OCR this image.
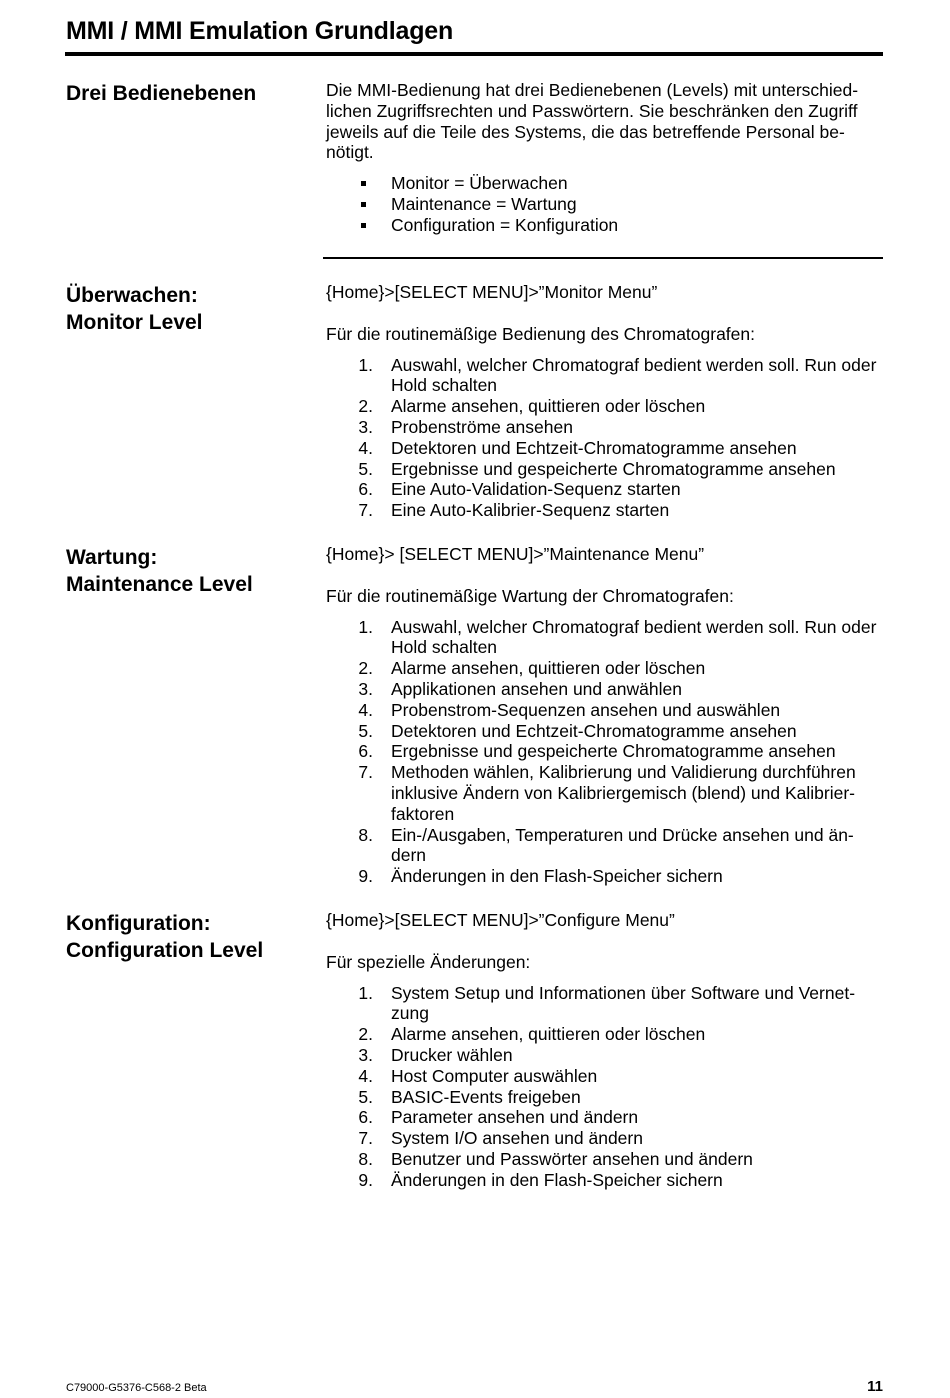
MMI / MMI Emulation Grundlagen
Drei Bedienebenen	Die MMI-Bedienung hat drei Bedienebenen (Levels) mit unterschied-lichen Zugriffsrechten und Passwörtern. Sie beschränken den Zugriff jeweils auf die Teile des Systems, die das betreffende Personal be-nötigt.

Monitor = Überwachen
Maintenance = Wartung
Configuration = Konfiguration
Überwachen:
Monitor Level

{Home}>[SELECT MENU]>”Monitor Menu”

Für die routinemäßige Bedienung des Chromatografen:

1. Auswahl, welcher Chromatograf bedient werden soll. Run oder Hold schalten
2. Alarme ansehen, quittieren oder löschen
3. Probenströme ansehen
4. Detektoren und Echtzeit-Chromatogramme ansehen
5. Ergebnisse und gespeicherte Chromatogramme ansehen
6. Eine Auto-Validation-Sequenz starten
7. Eine Auto-Kalibrier-Sequenz starten
Wartung:
Maintenance Level

{Home}> [SELECT MENU]>”Maintenance Menu”

Für die routinemäßige Wartung der Chromatografen:

1. Auswahl, welcher Chromatograf bedient werden soll. Run oder Hold schalten
2. Alarme ansehen, quittieren oder löschen
3. Applikationen ansehen und anwählen
4. Probenstrom-Sequenzen ansehen und auswählen
5. Detektoren und Echtzeit-Chromatogramme ansehen
6. Ergebnisse und gespeicherte Chromatogramme ansehen
7. Methoden wählen, Kalibrierung und Validierung durchführen inklusive Ändern von Kalibriergemisch (blend) und Kalibrier-faktoren
8. Ein-/Ausgaben, Temperaturen und Drücke ansehen und än-dern
9. Änderungen in den Flash-Speicher sichern
Konfiguration:
Configuration Level

{Home}>[SELECT MENU]>”Configure Menu”

Für spezielle Änderungen:

1. System Setup und Informationen über Software und Vernet-zung
2. Alarme ansehen, quittieren oder löschen
3. Drucker wählen
4. Host Computer auswählen
5. BASIC-Events freigeben
6. Parameter ansehen und ändern
7. System I/O ansehen und ändern
8. Benutzer und Passwörter ansehen und ändern
9. Änderungen in den Flash-Speicher sichern
C79000-G5376-C568-2 Beta	11
